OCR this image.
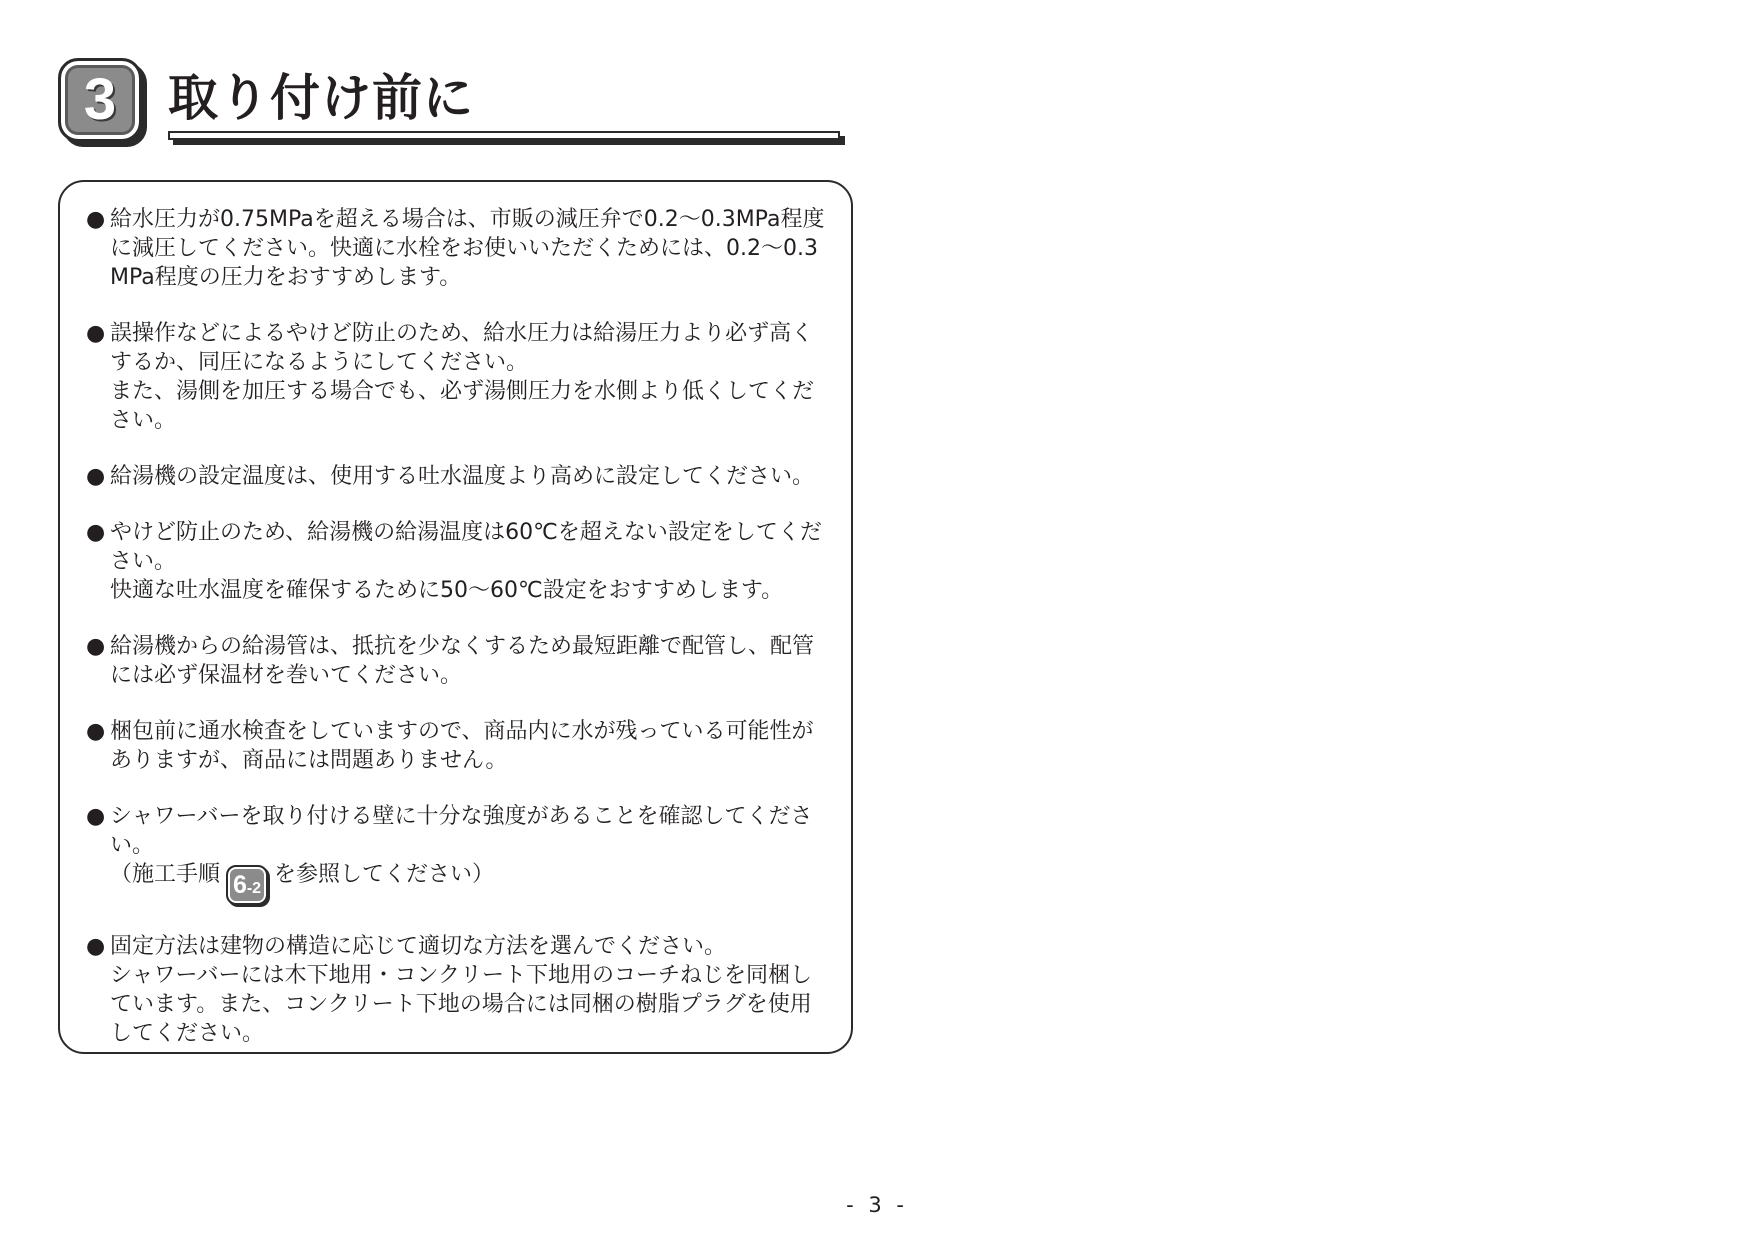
3 取り付け前に
● 給水圧力が0.75MPaを超える場合は、市販の減圧弁で0.2～0.3MPa程度に減圧してください。快適に水栓をお使いいただくためには、0.2～0.3MPa程度の圧力をおすすめします。

● 誤操作などによるやけど防止のため、給水圧力は給湯圧力より必ず高くするか、同圧になるようにしてください。

また、湯側を加圧する場合でも、必ず湯側圧力を水側より低くしてください。

● 給湯機の設定温度は、使用する吐水温度より高めに設定してください。

● やけど防止のため、給湯機の給湯温度は60℃を超えない設定をしてください。

快適な吐水温度を確保するために50～60℃設定をおすすめします。

● 給湯機からの給湯管は、抵抗を少なくするため最短距離で配管し、配管には必ず保温材を巻いてください。

● 梱包前に通水検査をしていますので、商品内に水が残っている可能性がありますが、商品には問題ありません。

● シャワーバーを取り付ける壁に十分な強度があることを確認してください。

（施工手順 6 -2
を参照してください）

● 固定方法は建物の構造に応じて適切な方法を選んでください。

シャワーバーには木下地用・コンクリート下地用のコーチねじを同梱しています。また、コンクリート下地の場合には同梱の樹脂プラグを使用してください。

- 3 -
